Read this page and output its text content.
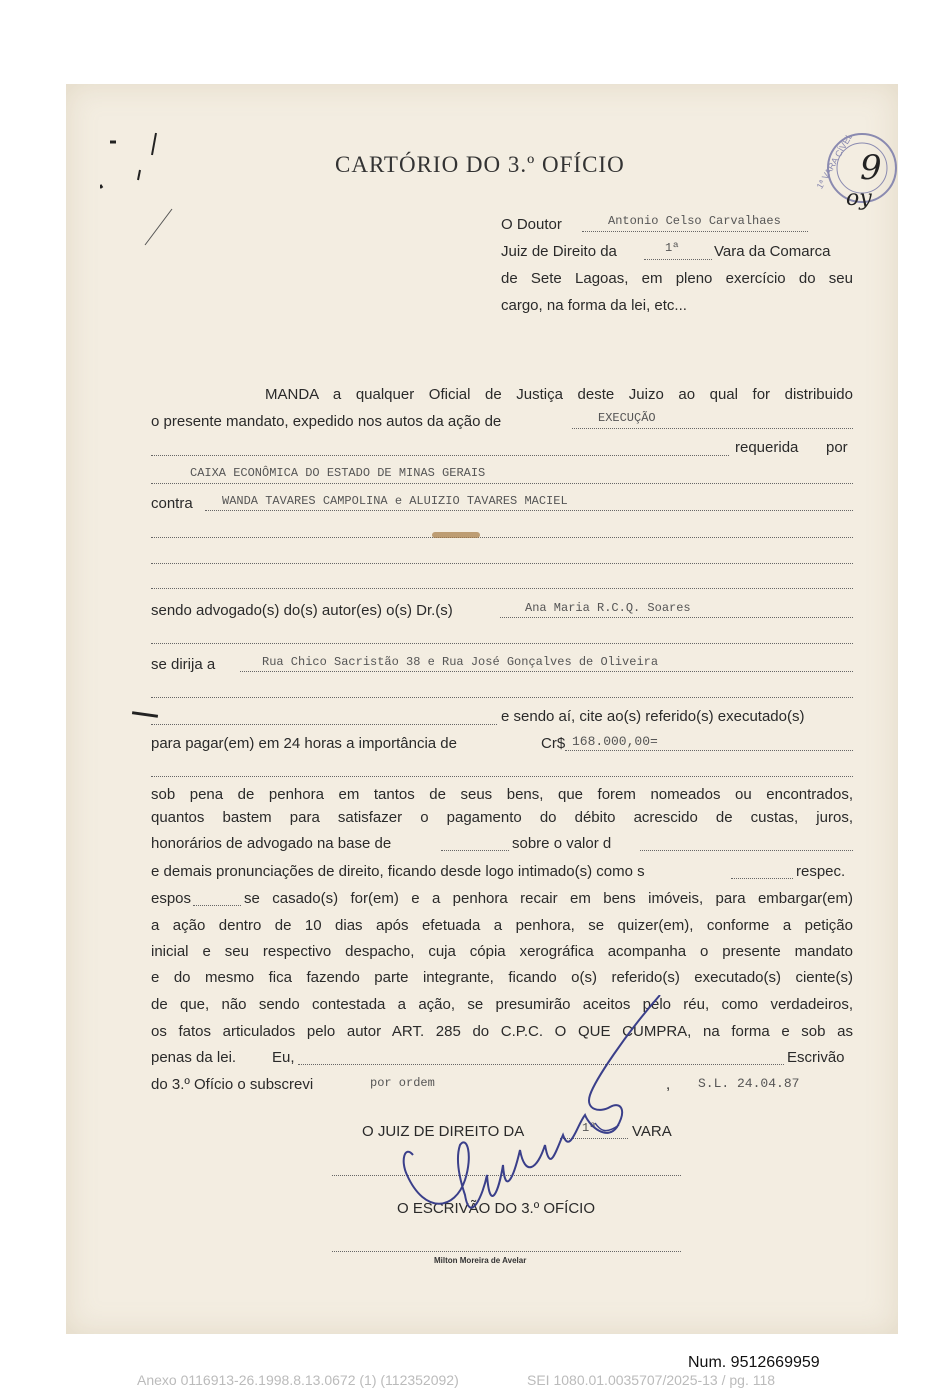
1ª VARA CÍVEL 9
oy
CARTÓRIO DO 3.º OFÍCIO
O Doutor	Antonio Celso Carvalhaes
Juiz de Direito da	1ª Vara da Comarca
de Sete Lagoas, em pleno exercício do seu
cargo, na forma da lei, etc...
MANDA a qualquer Oficial de Justiça deste Juizo ao qual for distribuido
o presente mandato, expedido nos autos da ação de	EXECUÇÃO
requerida por
CAIXA ECONÔMICA DO ESTADO DE MINAS GERAIS
contra WANDA TAVARES CAMPOLINA e ALUIZIO TAVARES MACIEL
sendo advogado(s) do(s) autor(es) o(s) Dr.(s)	Ana Maria R.C.Q. Soares
se dirija a	Rua Chico Sacristão 38 e Rua José Gonçalves de Oliveira
e sendo aí, cite ao(s) referido(s) executado(s)
para pagar(em) em 24 horas a importância de	Cr$ 168.000,00=
sob pena de penhora em tantos de seus bens, que forem nomeados ou encontrados,
quantos bastem para satisfazer o pagamento do débito acrescido de custas, juros,
honorários de advogado na base de	sobre o valor d
e demais pronunciações de direito, ficando desde logo intimado(s) como s	respec.
espos	se casado(s) for(em) e a penhora recair em bens imóveis, para embargar(em)
a ação dentro de 10 dias após efetuada a penhora, se quizer(em), conforme a petição
inicial e seu respectivo despacho, cuja cópia xerográfica acompanha o presente mandato
e do mesmo fica fazendo parte integrante, ficando o(s) referido(s) executado(s) ciente(s)
de que, não sendo contestada a ação, se presumirão aceitos pelo réu, como verdadeiros,
os fatos articulados pelo autor ART. 285 do C.P.C. O QUE CUMPRA, na forma e sob as
penas da lei. Eu,	Escrivão
do 3.º Ofício o subscrevi	por ordem	, S.L. 24.04.87
O JUIZ DE DIREITO DA	1ª VARA
O ESCRIVÃO DO 3.º OFÍCIO
Milton Moreira de Avelar
Num. 9512669959
Anexo 0116913-26.1998.8.13.0672 (1) (112352092)	SEI 1080.01.0035707/2025-13 / pg. 118
